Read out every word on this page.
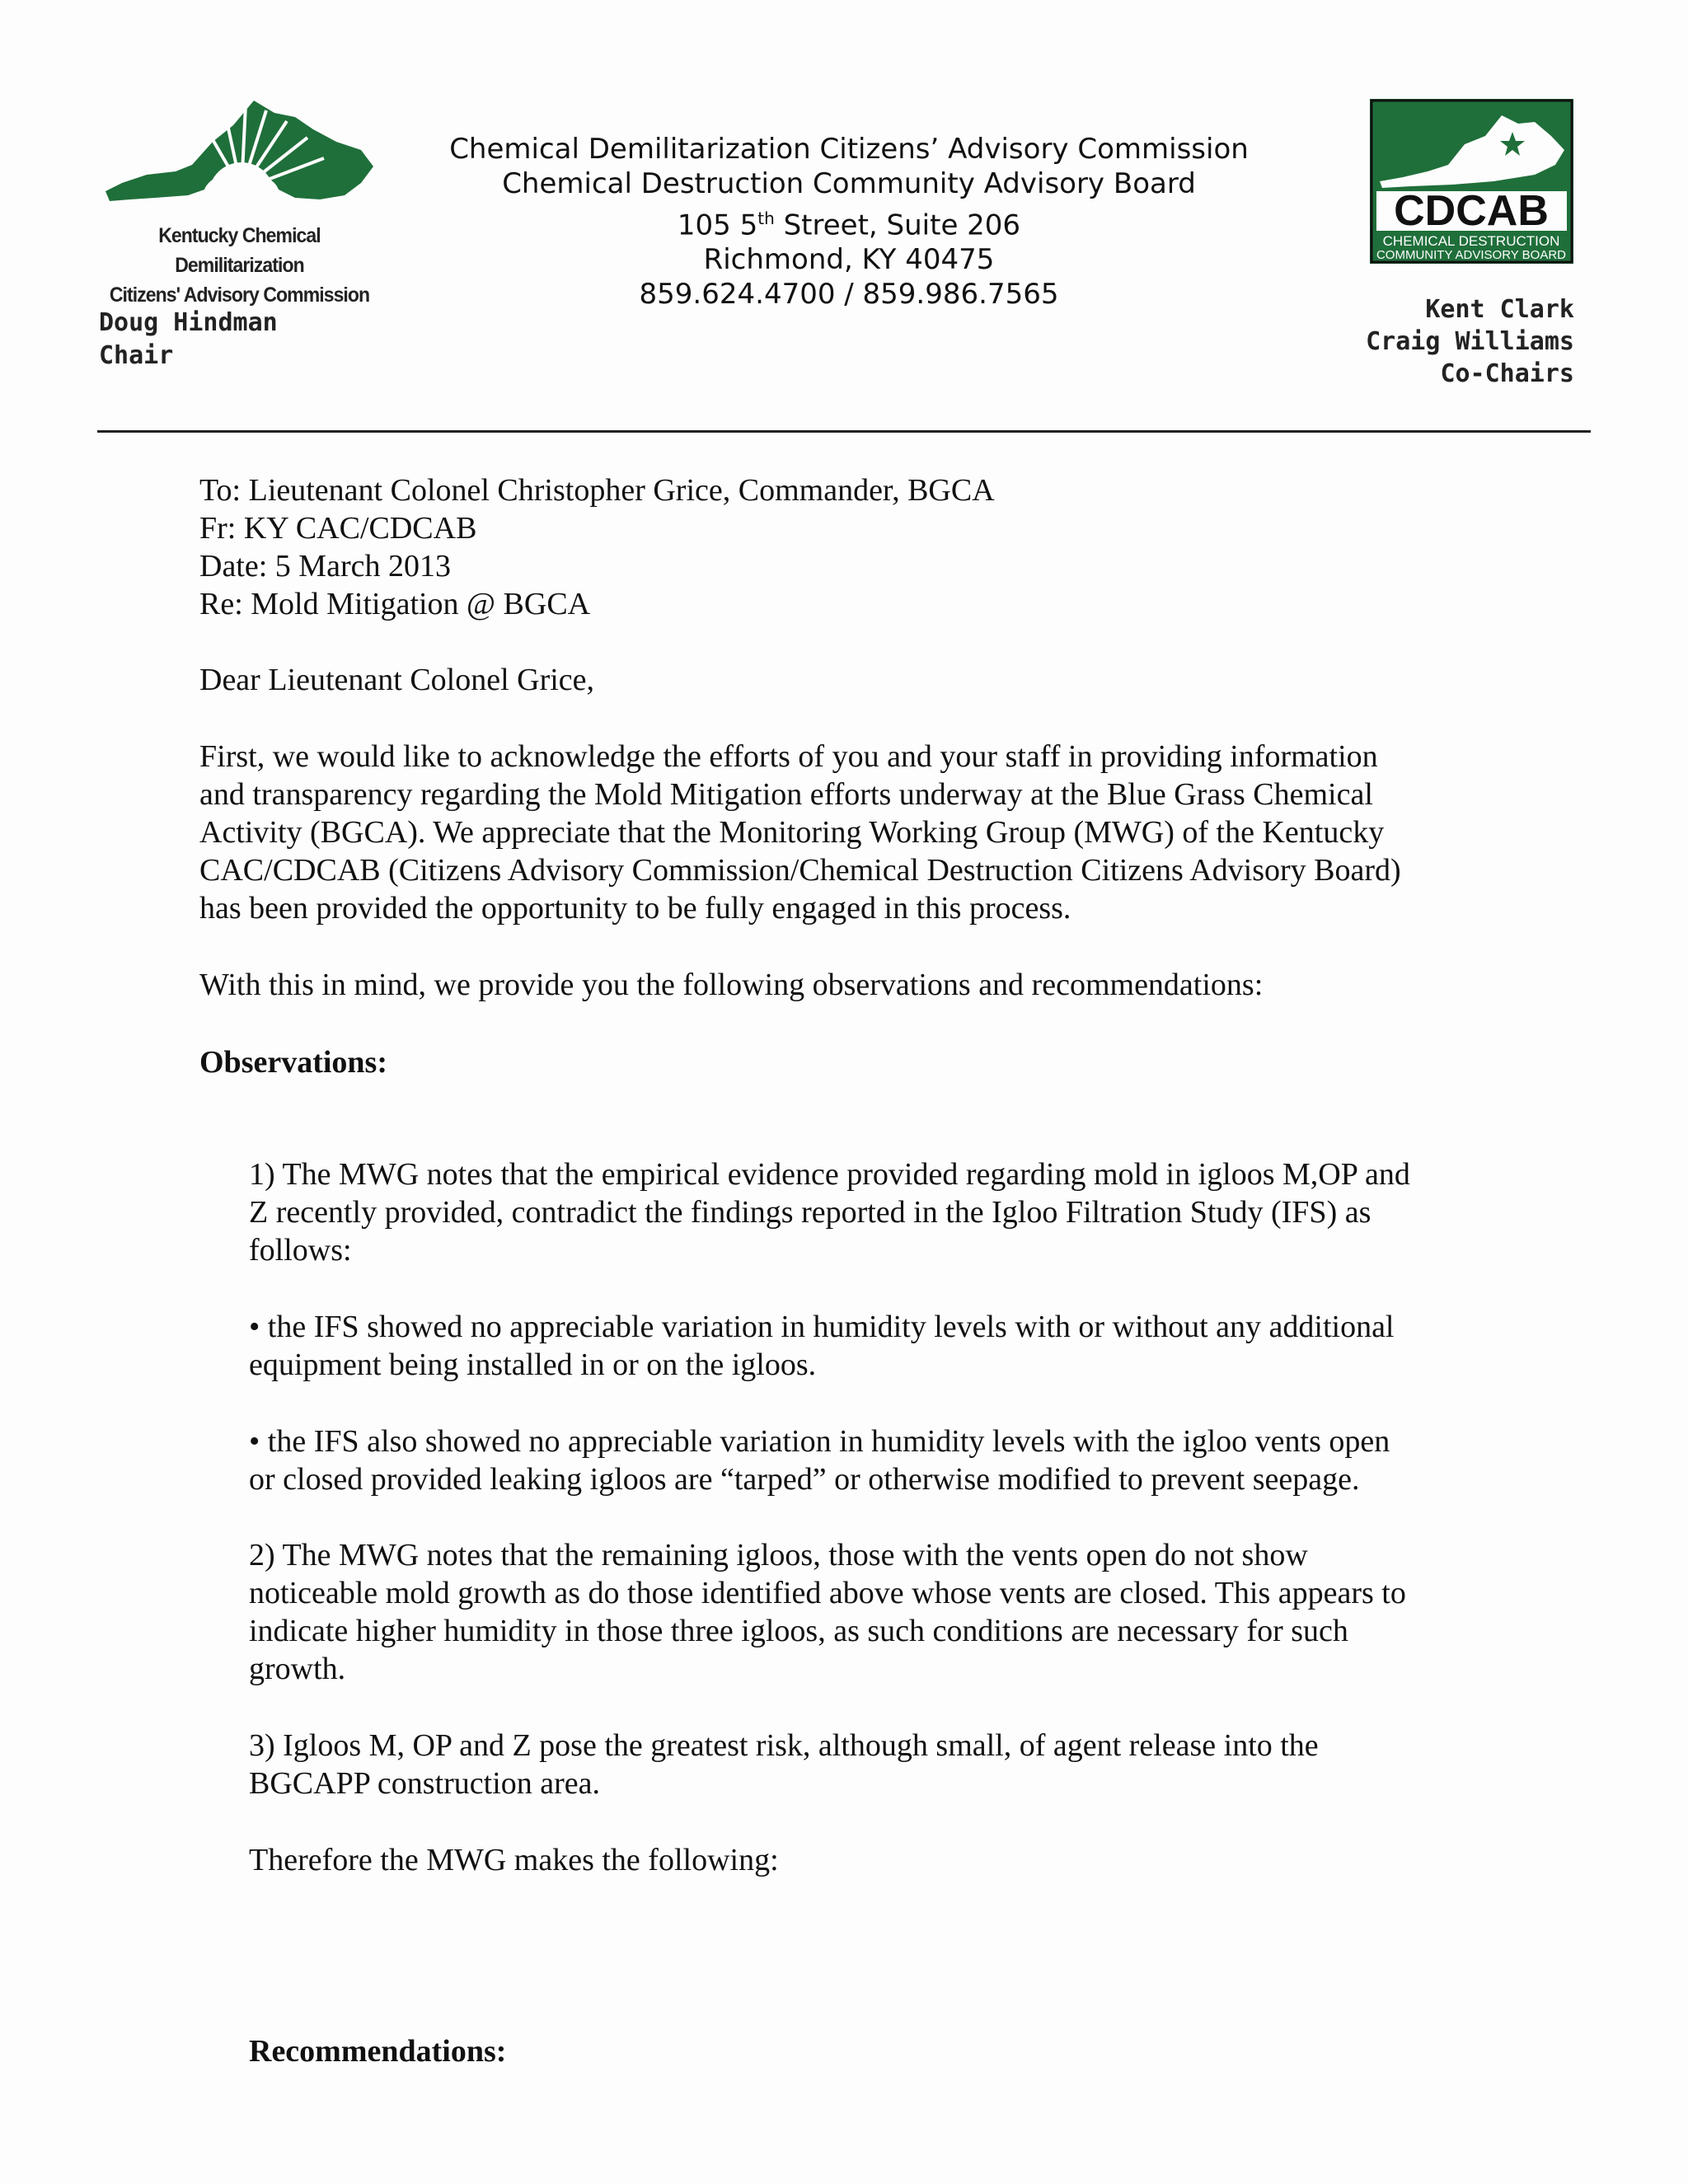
Kentucky Chemical Demilitarization
Citizens' Advisory Commission
Doug Hindman
Chair
Chemical Demilitarization Citizens’ Advisory Commission
Chemical Destruction Community Advisory Board
105 5th Street, Suite 206
Richmond, KY 40475
859.624.4700 / 859.986.7565
CDCAB
CHEMICAL DESTRUCTION
COMMUNITY ADVISORY BOARD
Kent Clark
Craig Williams
Co-Chairs

To: Lieutenant Colonel Christopher Grice, Commander, BGCA

Fr: KY CAC/CDCAB

Date: 5 March 2013

Re: Mold Mitigation @ BGCA

Dear Lieutenant Colonel Grice,

First, we would like to acknowledge the efforts of you and your staff in providing information

and transparency regarding the Mold Mitigation efforts underway at the Blue Grass Chemical

Activity (BGCA). We appreciate that the Monitoring Working Group (MWG) of the Kentucky

CAC/CDCAB (Citizens Advisory Commission/Chemical Destruction Citizens Advisory Board)

has been provided the opportunity to be fully engaged in this process.

With this in mind, we provide you the following observations and recommendations:
Observations:

1) The MWG notes that the empirical evidence provided regarding mold in igloos M,OP and

Z recently provided, contradict the findings reported in the Igloo Filtration Study (IFS) as

follows:

• the IFS showed no appreciable variation in humidity levels with or without any additional

equipment being installed in or on the igloos.

• the IFS also showed no appreciable variation in humidity levels with the igloo vents open

or closed provided leaking igloos are “tarped” or otherwise modified to prevent seepage.

2) The MWG notes that the remaining igloos, those with the vents open do not show

noticeable mold growth as do those identified above whose vents are closed. This appears to

indicate higher humidity in those three igloos, as such conditions are necessary for such

growth.

3) Igloos M, OP and Z pose the greatest risk, although small, of agent release into the

BGCAPP construction area.

Therefore the MWG makes the following:
Recommendations:
